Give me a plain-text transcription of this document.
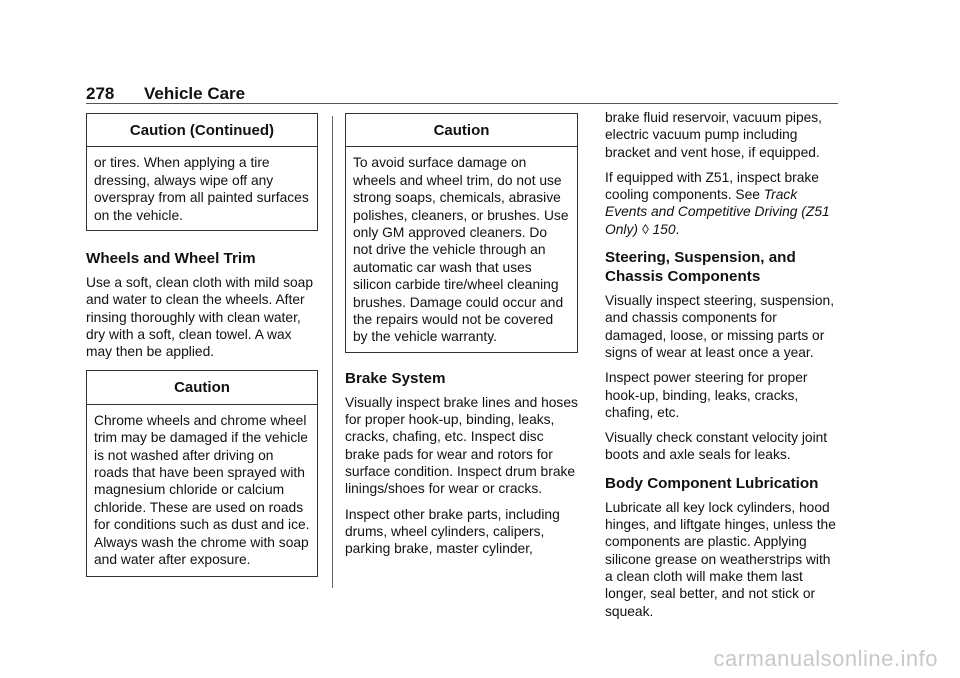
278 Vehicle Care
Caution (Continued)
or tires. When applying a tire dressing, always wipe off any overspray from all painted surfaces on the vehicle.
Wheels and Wheel Trim

Use a soft, clean cloth with mild soap and water to clean the wheels. After rinsing thoroughly with clean water, dry with a soft, clean towel. A wax may then be applied.

Caution
Chrome wheels and chrome wheel trim may be damaged if the vehicle is not washed after driving on roads that have been sprayed with magnesium chloride or calcium chloride. These are used on roads for conditions such as dust and ice. Always wash the chrome with soap and water after exposure.
Caution
To avoid surface damage on wheels and wheel trim, do not use strong soaps, chemicals, abrasive polishes, cleaners, or brushes. Use only GM approved cleaners. Do not drive the vehicle through an automatic car wash that uses silicon carbide tire/wheel cleaning brushes. Damage could occur and the repairs would not be covered by the vehicle warranty.
Brake System

Visually inspect brake lines and hoses for proper hook-up, binding, leaks, cracks, chafing, etc. Inspect disc brake pads for wear and rotors for surface condition. Inspect drum brake linings/shoes for wear or cracks.

Inspect other brake parts, including drums, wheel cylinders, calipers, parking brake, master cylinder,

brake fluid reservoir, vacuum pipes, electric vacuum pump including bracket and vent hose, if equipped.

If equipped with Z51, inspect brake cooling components. See Track Events and Competitive Driving (Z51 Only) ◊ 150.

Steering, Suspension, and Chassis Components

Visually inspect steering, suspension, and chassis components for damaged, loose, or missing parts or signs of wear at least once a year.

Inspect power steering for proper hook-up, binding, leaks, cracks, chafing, etc.

Visually check constant velocity joint boots and axle seals for leaks.

Body Component Lubrication

Lubricate all key lock cylinders, hood hinges, and liftgate hinges, unless the components are plastic. Applying silicone grease on weatherstrips with a clean cloth will make them last longer, seal better, and not stick or squeak.

carmanualsonline.info
